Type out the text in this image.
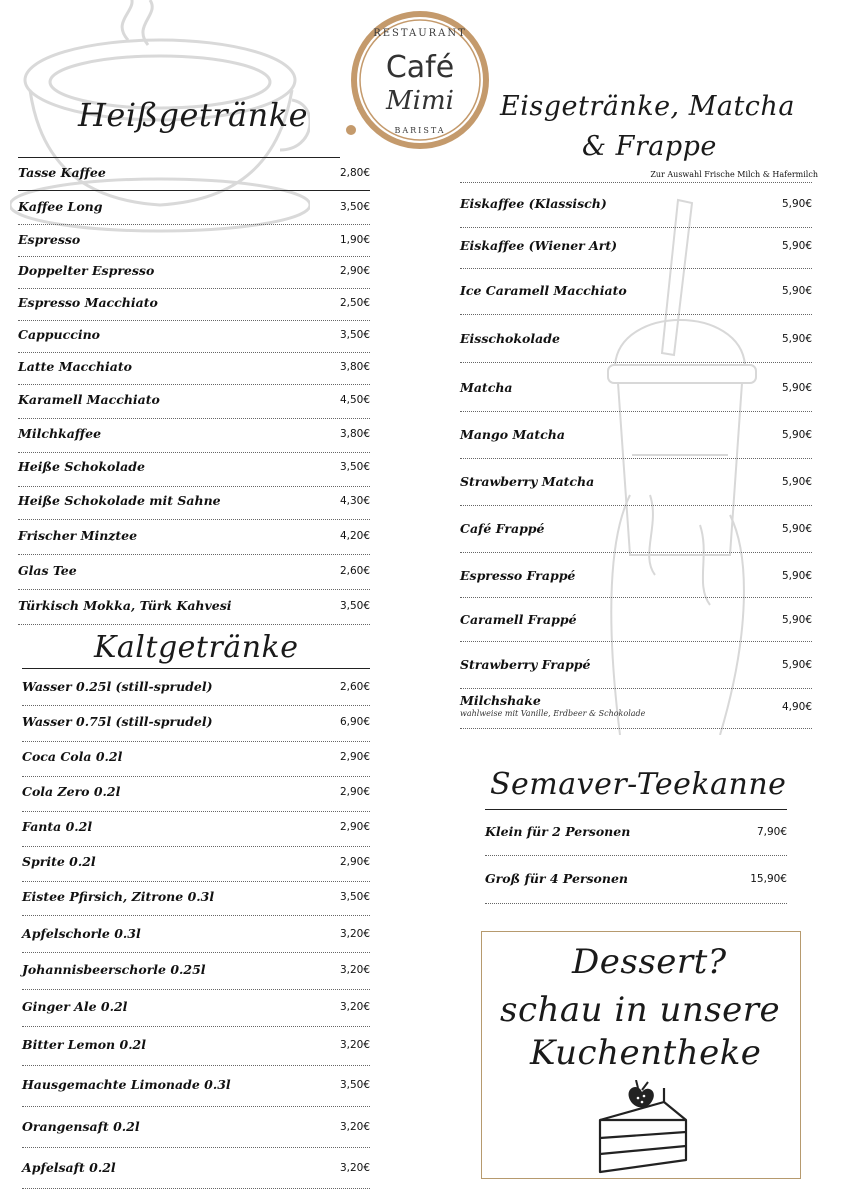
RESTAURANT
Café
Mimi
BARISTA
Heißgetränke	Eisgetränke, Matcha
& Frappe
Zur Auswahl Frische Milch & Hafermilch
Kaltgetränke
Semaver-Teekanne
Tasse Kaffee	2,80€
Kaffee Long	3,50€
Espresso	1,90€
Doppelter Espresso	2,90€
Espresso Macchiato	2,50€
Cappuccino	3,50€
Latte Macchiato	3,80€
Karamell Macchiato	4,50€
Milchkaffee	3,80€
Heiße Schokolade	3,50€
Heiße Schokolade mit Sahne	4,30€
Frischer Minztee	4,20€
Glas Tee	2,60€
Türkisch Mokka, Türk Kahvesi	3,50€
Wasser 0.25l (still-sprudel)	2,60€
Wasser 0.75l (still-sprudel)	6,90€
Coca Cola 0.2l	2,90€
Cola Zero 0.2l	2,90€
Fanta 0.2l	2,90€
Sprite 0.2l	2,90€
Eistee Pfirsich, Zitrone 0.3l	3,50€
Apfelschorle 0.3l	3,20€
Johannisbeerschorle 0.25l	3,20€
Ginger Ale 0.2l	3,20€
Bitter Lemon 0.2l	3,20€
Hausgemachte Limonade 0.3l	3,50€
Orangensaft 0.2l	3,20€
Apfelsaft 0.2l	3,20€
Eiskaffee (Klassisch)	5,90€
Eiskaffee (Wiener Art)	5,90€
Ice Caramell Macchiato	5,90€
Eisschokolade	5,90€
Matcha	5,90€
Mango Matcha	5,90€
Strawberry Matcha	5,90€
Café Frappé	5,90€
Espresso Frappé	5,90€
Caramell Frappé	5,90€
Strawberry Frappé	5,90€
Milchshake	4,90€
wahlweise mit Vanille, Erdbeer & Schokolade
Klein für 2 Personen	7,90€
Groß für 4 Personen	15,90€
Dessert?
schau in unsere
Kuchentheke
